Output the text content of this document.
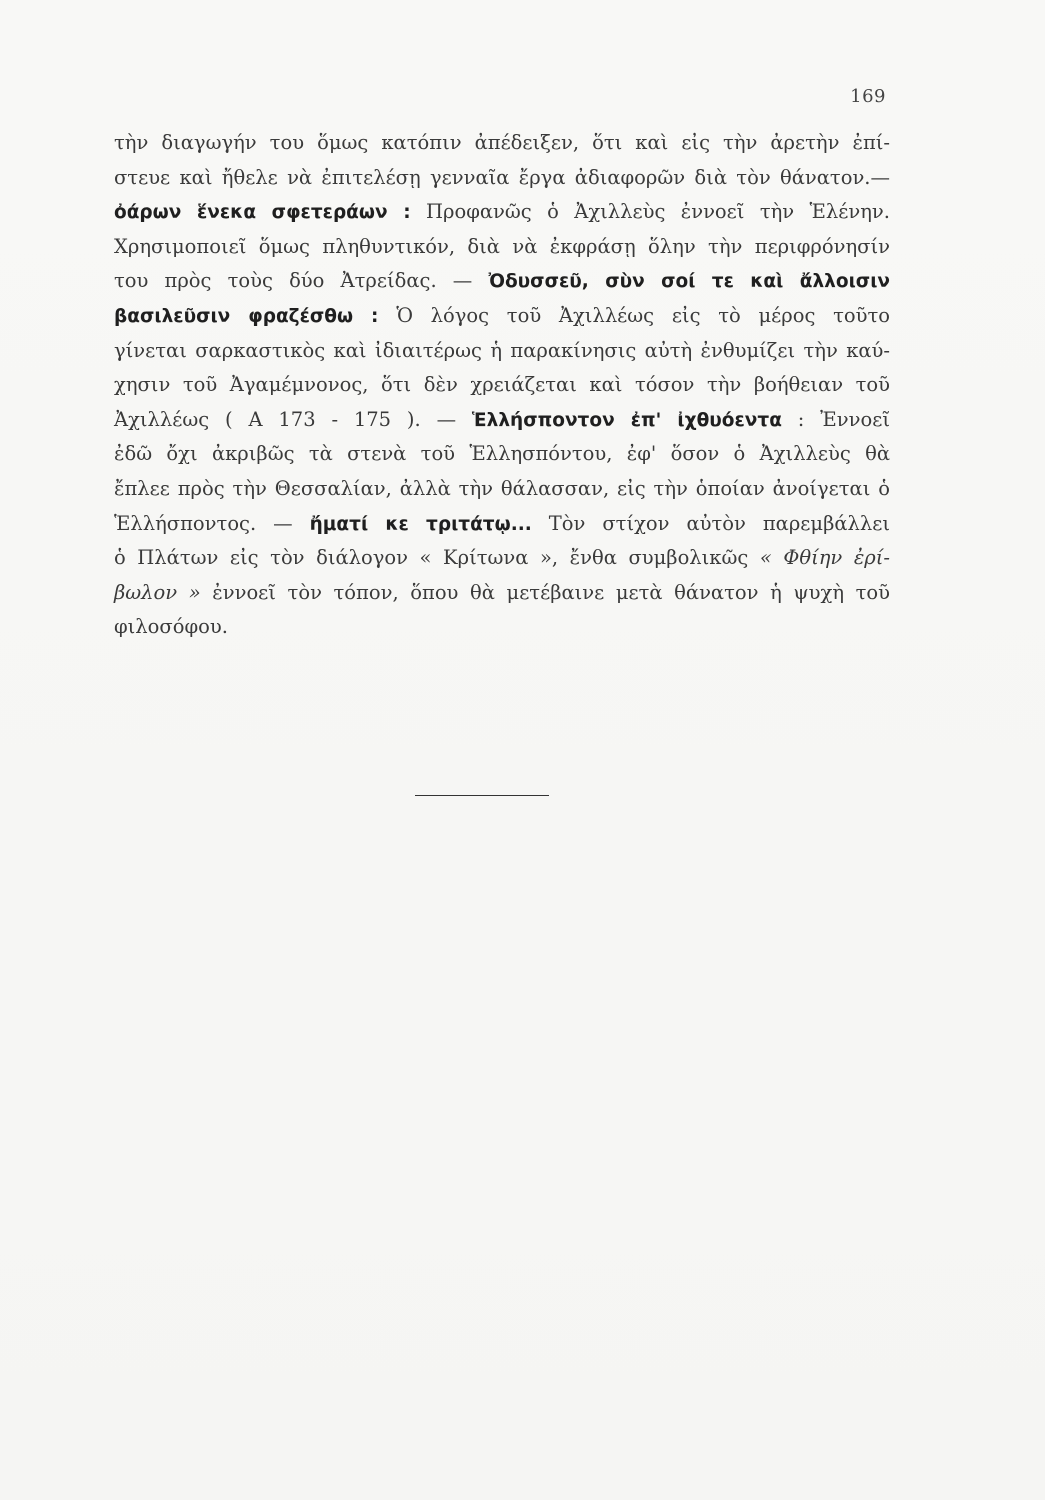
169
τὴν διαγωγήν του ὅμως κατόπιν ἀπέδειξεν, ὅτι καὶ εἰς τὴν ἀρετὴν ἐπί-
στευε καὶ ἤθελε νὰ ἐπιτελέσῃ γενναῖα ἔργα ἀδιαφορῶν διὰ τὸν θάνατον.—
ὀάρων ἕνεκα σφετεράων : Προφανῶς ὁ Ἀχιλλεὺς ἐννοεῖ τὴν Ἑλένην.
Χρησιμοποιεῖ ὅμως πληθυντικόν, διὰ νὰ ἐκφράσῃ ὅλην τὴν περιφρόνησίν
του πρὸς τοὺς δύο Ἀτρείδας. — Ὀδυσσεῦ, σὺν σοί τε καὶ ἄλλοισιν
βασιλεῦσιν φραζέσθω : Ὁ λόγος τοῦ Ἀχιλλέως εἰς τὸ μέρος τοῦτο
γίνεται σαρκαστικὸς καὶ ἰδιαιτέρως ἡ παρακίνησις αὐτὴ ἐνθυμίζει τὴν καύ-
χησιν τοῦ Ἀγαμέμνονος, ὅτι δὲν χρειάζεται καὶ τόσον τὴν βοήθειαν τοῦ
Ἀχιλλέως ( Α 173 - 175 ). — Ἑλλήσποντον ἐπ' ἰχθυόεντα : Ἐννοεῖ
ἐδῶ ὄχι ἀκριβῶς τὰ στενὰ τοῦ Ἑλλησπόντου, ἐφ' ὅσον ὁ Ἀχιλλεὺς θὰ
ἔπλεε πρὸς τὴν Θεσσαλίαν, ἀλλὰ τὴν θάλασσαν, εἰς τὴν ὁποίαν ἀνοίγεται ὁ
Ἑλλήσποντος. — ἤματί κε τριτάτῳ... Τὸν στίχον αὐτὸν παρεμβάλλει
ὁ Πλάτων εἰς τὸν διάλογον « Κρίτωνα », ἔνθα συμβολικῶς « Φθίην ἐρί-
βωλον » ἐννοεῖ τὸν τόπον, ὅπου θὰ μετέβαινε μετὰ θάνατον ἡ ψυχὴ τοῦ
φιλοσόφου.
